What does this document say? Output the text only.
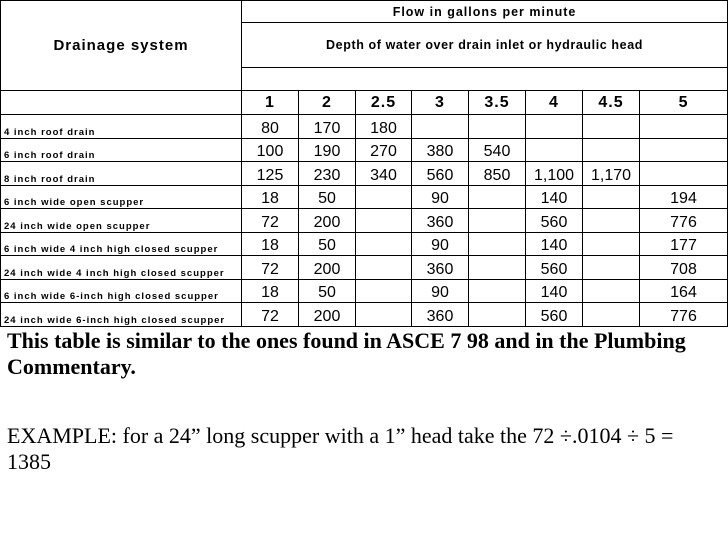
Drainage system	Flow in gallons per minute							
	Depth of water over drain inlet or hydraulic head							

	1	2	2.5	3	3.5	4	4.5	5
4 inch roof drain	80	170	180					
6 inch roof drain	100	190	270	380	540			
8 inch roof drain	125	230	340	560	850	1,100	1,170	
6 inch wide open scupper	18	50		90		140		194
24 inch wide open scupper	72	200		360		560		776
6 inch wide 4 inch high closed scupper	18	50		90		140		177
24 inch wide 4 inch high closed scupper	72	200		360		560		708
6 inch wide 6-inch high closed scupper	18	50		90		140		164
24 inch wide 6-inch high closed scupper	72	200		360		560		776

This table is similar to the ones found in ASCE 7 98 and in the Plumbing Commentary.

EXAMPLE: for a 24” long scupper with a 1” head take the 72 ÷.0104 ÷ 5 = 1385
